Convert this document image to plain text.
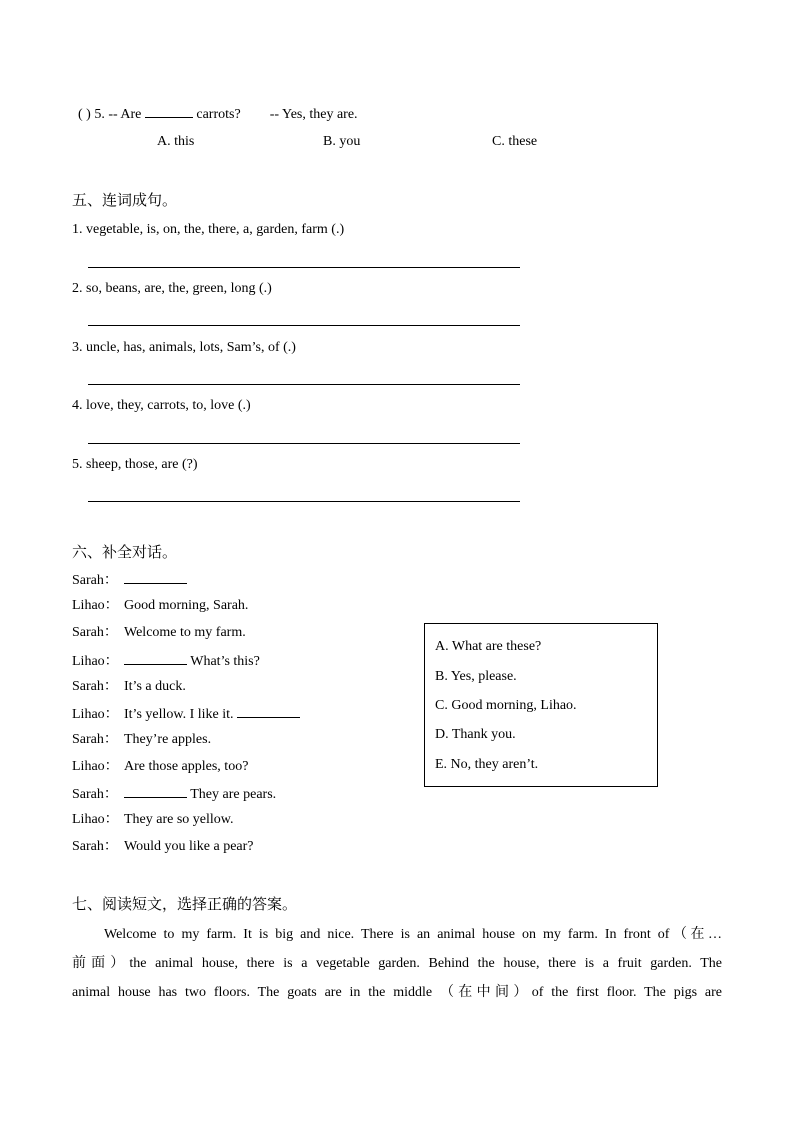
( ) 5. -- Are	carrots? -- Yes, they are.
A. this	B. you	C. these
五、连词成句。
1. vegetable, is, on, the, there, a, garden, farm (.)
2. so, beans, are, the, green, long (.)
3. uncle, has, animals, lots, Sam’s, of (.)
4. love, they, carrots, to, love (.)
5. sheep, those, are (?)
六、补全对话。
Sarah：
Lihao： Good morning, Sarah.
Sarah： Welcome to my farm.
Lihao：	What’s this?
Sarah： It’s a duck.
Lihao： It’s yellow. I like it.
Sarah： They’re apples.
Lihao： Are those apples, too?
Sarah：	They are pears.
Lihao： They are so yellow.
Sarah： Would you like a pear?
A. What are these?
B. Yes, please.
C. Good morning, Lihao.
D. Thank you.
E. No, they aren’t.
七、阅读短文，选择正确的答案。
Welcome to my farm. It is big and nice. There is an animal house on my farm. In front of（在…
前面）the animal house, there is a vegetable garden. Behind the house, there is a fruit garden. The
animal house has two floors. The goats are in the middle （在中间）of the first floor. The pigs are
